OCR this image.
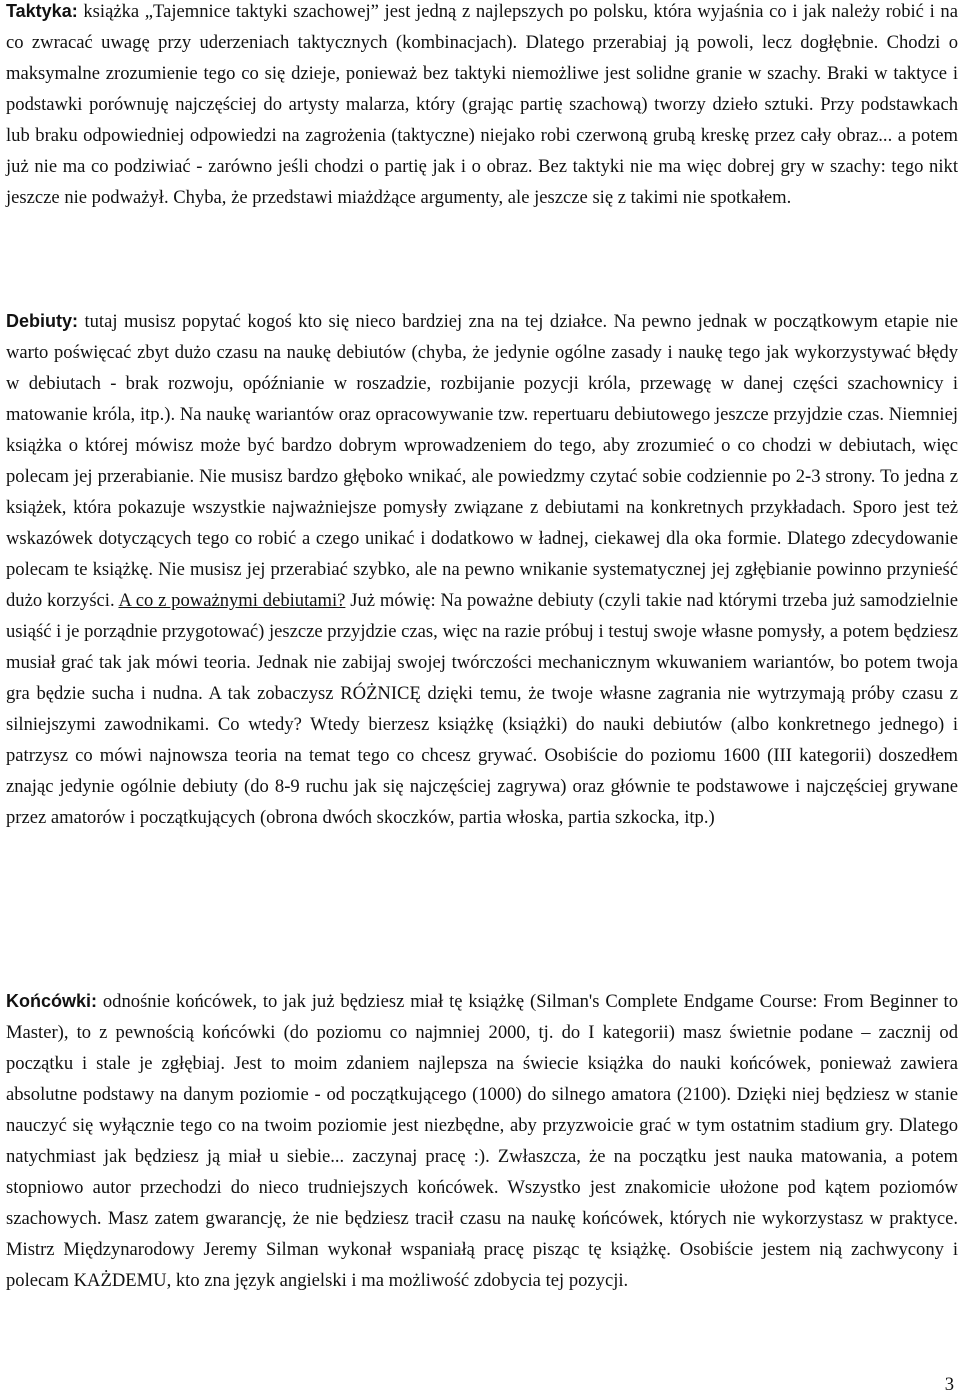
Taktyka: książka „Tajemnice taktyki szachowej” jest jedną z najlepszych po polsku, która wyjaśnia co i jak należy robić i na co zwracać uwagę przy uderzeniach taktycznych (kombinacjach). Dlatego przerabiaj ją powoli, lecz dogłębnie. Chodzi o maksymalne zrozumienie tego co się dzieje, ponieważ bez taktyki niemożliwe jest solidne granie w szachy. Braki w taktyce i podstawki porównuję najczęściej do artysty malarza, który (grając partię szachową) tworzy dzieło sztuki. Przy podstawkach lub braku odpowiedniej odpowiedzi na zagrożenia (taktyczne) niejako robi czerwoną grubą kreskę przez cały obraz... a potem już nie ma co podziwiać - zarówno jeśli chodzi o partię jak i o obraz. Bez taktyki nie ma więc dobrej gry w szachy: tego nikt jeszcze nie podważył. Chyba, że przedstawi miażdżące argumenty, ale jeszcze się z takimi nie spotkałem.

Debiuty: tutaj musisz popytać kogoś kto się nieco bardziej zna na tej działce. Na pewno jednak w początkowym etapie nie warto poświęcać zbyt dużo czasu na naukę debiutów (chyba, że jedynie ogólne zasady i naukę tego jak wykorzystywać błędy w debiutach - brak rozwoju, opóźnianie w roszadzie, rozbijanie pozycji króla, przewagę w danej części szachownicy i matowanie króla, itp.). Na naukę wariantów oraz opracowywanie tzw. repertuaru debiutowego jeszcze przyjdzie czas. Niemniej książka o której mówisz może być bardzo dobrym wprowadzeniem do tego, aby zrozumieć o co chodzi w debiutach, więc polecam jej przerabianie. Nie musisz bardzo głęboko wnikać, ale powiedzmy czytać sobie codziennie po 2-3 strony. To jedna z książek, która pokazuje wszystkie najważniejsze pomysły związane z debiutami na konkretnych przykładach. Sporo jest też wskazówek dotyczących tego co robić a czego unikać i dodatkowo w ładnej, ciekawej dla oka formie. Dlatego zdecydowanie polecam te książkę. Nie musisz jej przerabiać szybko, ale na pewno wnikanie systematycznej jej zgłębianie powinno przynieść dużo korzyści. A co z poważnymi debiutami? Już mówię: Na poważne debiuty (czyli takie nad którymi trzeba już samodzielnie usiąść i je porządnie przygotować) jeszcze przyjdzie czas, więc na razie próbuj i testuj swoje własne pomysły, a potem będziesz musiał grać tak jak mówi teoria. Jednak nie zabijaj swojej twórczości mechanicznym wkuwaniem wariantów, bo potem twoja gra będzie sucha i nudna. A tak zobaczysz RÓŻNICĘ dzięki temu, że twoje własne zagrania nie wytrzymają próby czasu z silniejszymi zawodnikami. Co wtedy? Wtedy bierzesz książkę (książki) do nauki debiutów (albo konkretnego jednego) i patrzysz co mówi najnowsza teoria na temat tego co chcesz grywać. Osobiście do poziomu 1600 (III kategorii) doszedłem znając jedynie ogólnie debiuty (do 8-9 ruchu jak się najczęściej zagrywa) oraz głównie te podstawowe i najczęściej grywane przez amatorów i początkujących (obrona dwóch skoczków, partia włoska, partia szkocka, itp.)

Końcówki: odnośnie końcówek, to jak już będziesz miał tę książkę (Silman's Complete Endgame Course: From Beginner to Master), to z pewnością końcówki (do poziomu co najmniej 2000, tj. do I kategorii) masz świetnie podane – zacznij od początku i stale je zgłębiaj. Jest to moim zdaniem najlepsza na świecie książka do nauki końcówek, ponieważ zawiera absolutne podstawy na danym poziomie - od początkującego (1000) do silnego amatora (2100). Dzięki niej będziesz w stanie nauczyć się wyłącznie tego co na twoim poziomie jest niezbędne, aby przyzwoicie grać w tym ostatnim stadium gry. Dlatego natychmiast jak będziesz ją miał u siebie... zaczynaj pracę :). Zwłaszcza, że na początku jest nauka matowania, a potem stopniowo autor przechodzi do nieco trudniejszych końcówek. Wszystko jest znakomicie ułożone pod kątem poziomów szachowych. Masz zatem gwarancję, że nie będziesz tracił czasu na naukę końcówek, których nie wykorzystasz w praktyce. Mistrz Międzynarodowy Jeremy Silman wykonał wspaniałą pracę pisząc tę książkę. Osobiście jestem nią zachwycony i polecam KAŻDEMU, kto zna język angielski i ma możliwość zdobycia tej pozycji.

3
